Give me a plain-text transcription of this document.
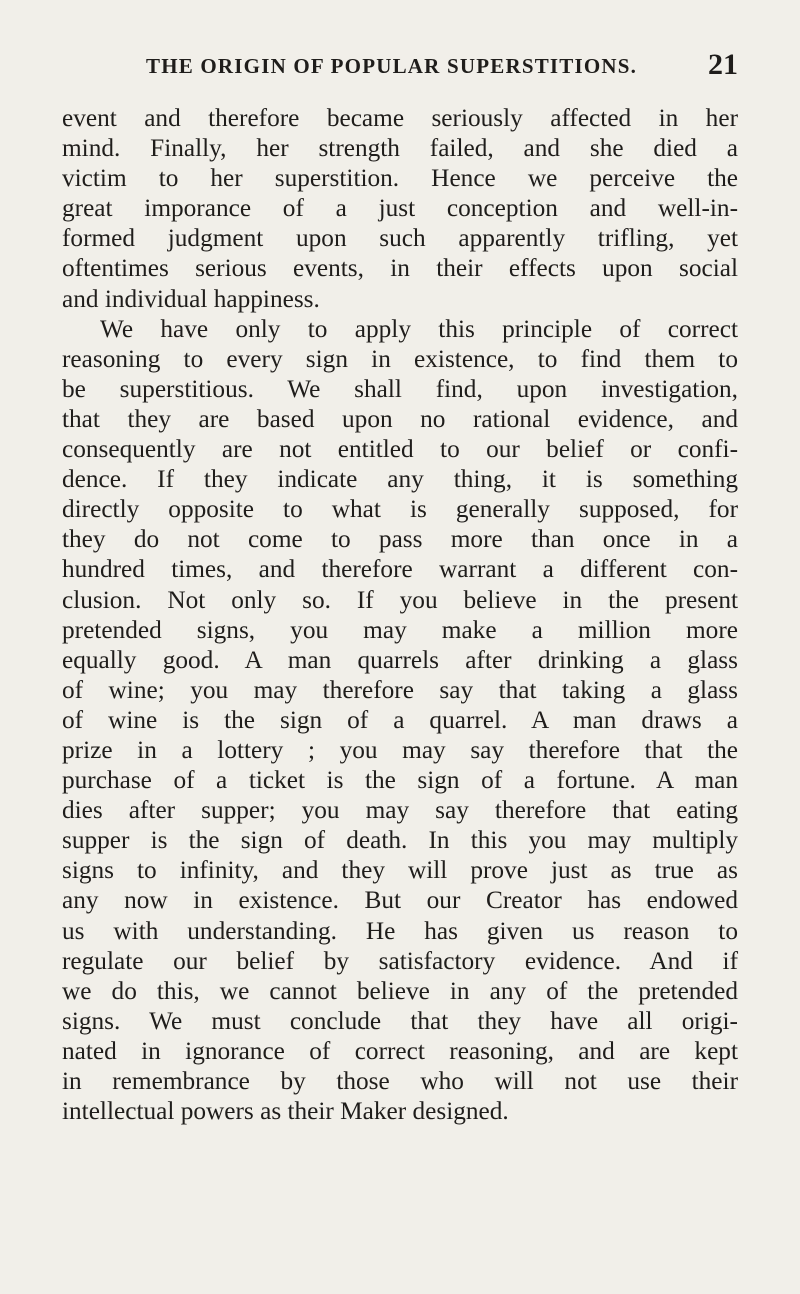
THE ORIGIN OF POPULAR SUPERSTITIONS. 21
event and therefore became seriously affected in her
mind. Finally, her strength failed, and she died a
victim to her superstition. Hence we perceive the
great imporance of a just conception and well-in-
formed judgment upon such apparently trifling, yet
oftentimes serious events, in their effects upon social
and individual happiness.
We have only to apply this principle of correct
reasoning to every sign in existence, to find them to
be superstitious. We shall find, upon investigation,
that they are based upon no rational evidence, and
consequently are not entitled to our belief or confi-
dence. If they indicate any thing, it is something
directly opposite to what is generally supposed, for
they do not come to pass more than once in a
hundred times, and therefore warrant a different con-
clusion. Not only so. If you believe in the present
pretended signs, you may make a million more
equally good. A man quarrels after drinking a glass
of wine; you may therefore say that taking a glass
of wine is the sign of a quarrel. A man draws a
prize in a lottery ; you may say therefore that the
purchase of a ticket is the sign of a fortune. A man
dies after supper; you may say therefore that eating
supper is the sign of death. In this you may multiply
signs to infinity, and they will prove just as true as
any now in existence. But our Creator has endowed
us with understanding. He has given us reason to
regulate our belief by satisfactory evidence. And if
we do this, we cannot believe in any of the pretended
signs. We must conclude that they have all origi-
nated in ignorance of correct reasoning, and are kept
in remembrance by those who will not use their
intellectual powers as their Maker designed.
